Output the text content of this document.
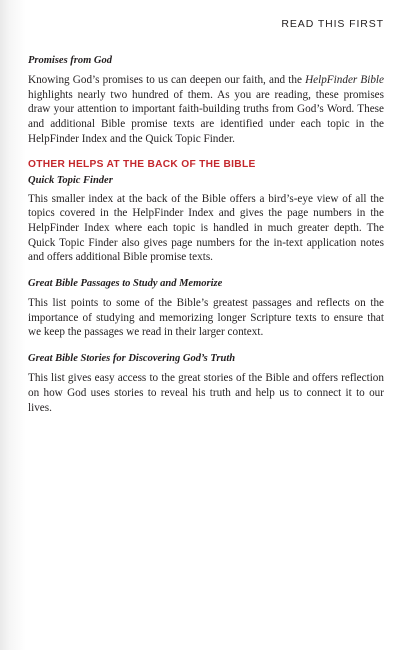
READ THIS FIRST
Promises from God

Knowing God’s promises to us can deepen our faith, and the HelpFinder Bible highlights nearly two hundred of them. As you are reading, these promises draw your attention to important faith-building truths from God’s Word. These and additional Bible promise texts are identified under each topic in the HelpFinder Index and the Quick Topic Finder.

OTHER HELPS AT THE BACK OF THE BIBLE
Quick Topic Finder

This smaller index at the back of the Bible offers a bird’s-eye view of all the topics covered in the HelpFinder Index and gives the page numbers in the HelpFinder Index where each topic is handled in much greater depth. The Quick Topic Finder also gives page numbers for the in-text application notes and offers additional Bible promise texts.

Great Bible Passages to Study and Memorize

This list points to some of the Bible’s greatest passages and reflects on the importance of studying and memorizing longer Scripture texts to ensure that we keep the passages we read in their larger context.

Great Bible Stories for Discovering God’s Truth

This list gives easy access to the great stories of the Bible and offers reflection on how God uses stories to reveal his truth and help us to connect it to our lives.
